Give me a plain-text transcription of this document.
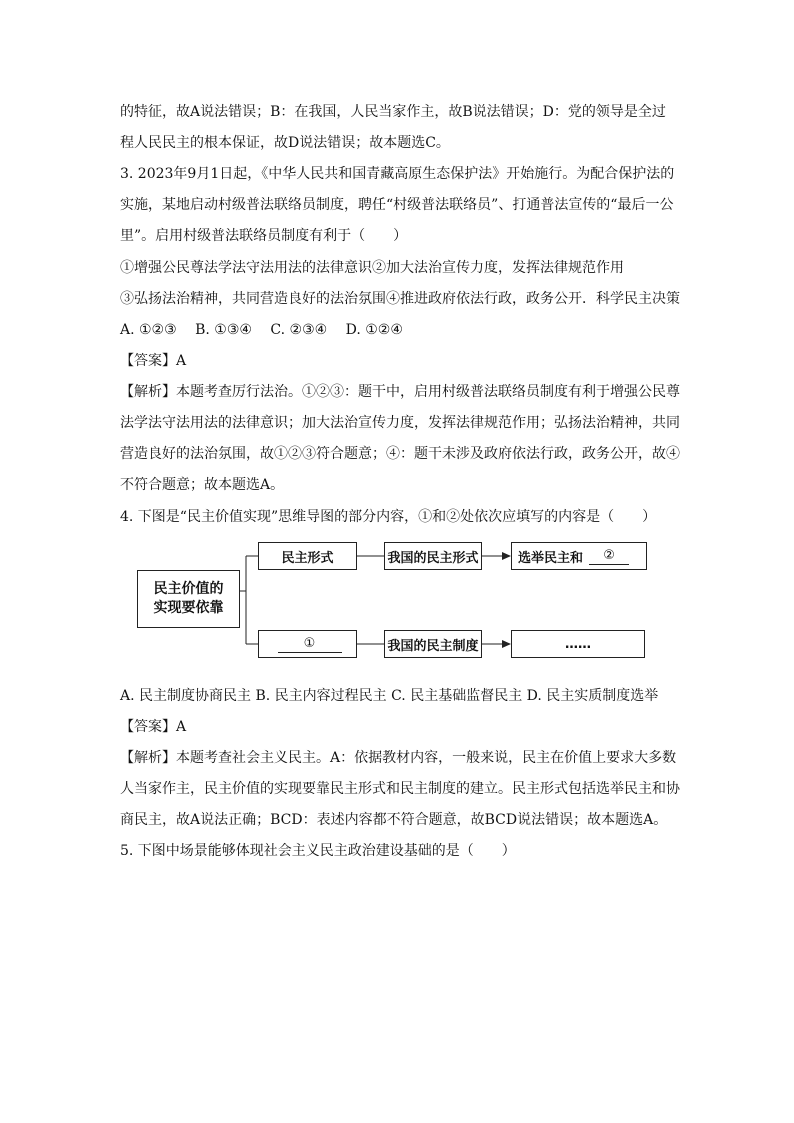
的特征，故A说法错误；B：在我国，人民当家作主，故B说法错误；D：党的领导是全过
程人民民主的根本保证，故D说法错误；故本题选C。
3. 2023年9月1日起，《中华人民共和国青藏高原生态保护法》开始施行。为配合保护法的
实施，某地启动村级普法联络员制度，聘任“村级普法联络员”、打通普法宣传的“最后一公
里”。启用村级普法联络员制度有利于（　　）
①增强公民尊法学法守法用法的法律意识②加大法治宣传力度，发挥法律规范作用
③弘扬法治精神，共同营造良好的法治氛围④推进政府依法行政，政务公开．科学民主决策
A. ①②③　 B. ①③④　 C. ②③④　 D. ①②④
【答案】A
【解析】本题考查厉行法治。①②③：题干中，启用村级普法联络员制度有利于增强公民尊
法学法守法用法的法律意识；加大法治宣传力度，发挥法律规范作用；弘扬法治精神，共同
营造良好的法治氛围，故①②③符合题意；④：题干未涉及政府依法行政，政务公开，故④
不符合题意；故本题选A。
4. 下图是“民主价值实现”思维导图的部分内容，①和②处依次应填写的内容是（　　）
民主价值的
实现要依靠
民主形式	我国的民主形式	选举民主和	②
①	我国的民主制度	……
A. 民主制度协商民主 B. 民主内容过程民主 C. 民主基础监督民主 D. 民主实质制度选举
【答案】A
【解析】本题考查社会主义民主。A：依据教材内容，一般来说，民主在价值上要求大多数
人当家作主，民主价值的实现要靠民主形式和民主制度的建立。民主形式包括选举民主和协
商民主，故A说法正确；BCD：表述内容都不符合题意，故BCD说法错误；故本题选A。
5. 下图中场景能够体现社会主义民主政治建设基础的是（　　）
